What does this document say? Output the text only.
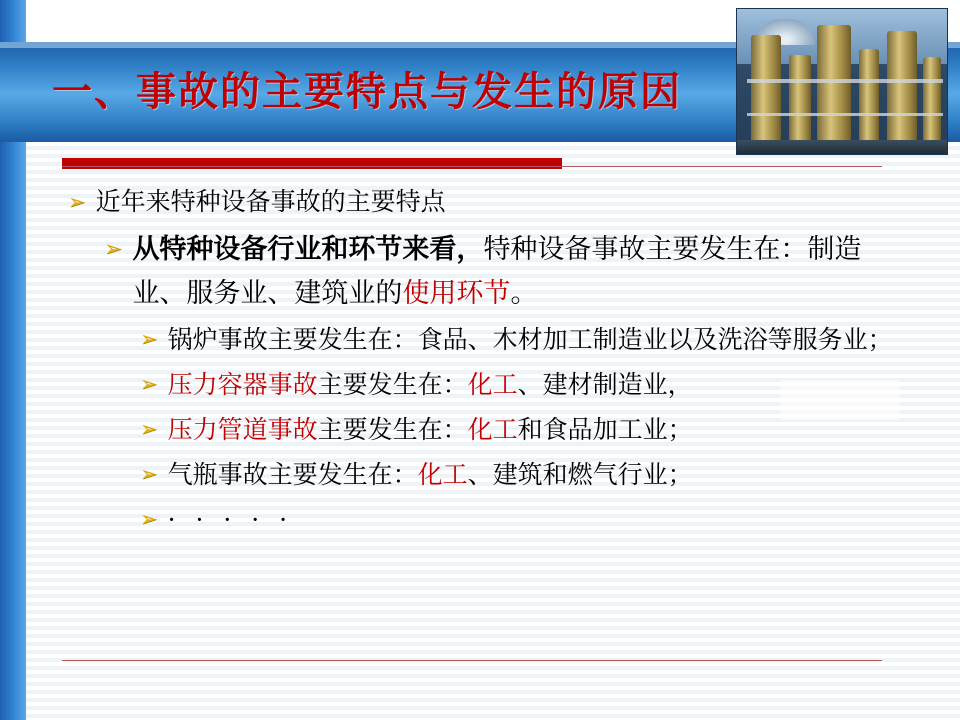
一、事故的主要特点与发生的原因
➢ 近年来特种设备事故的主要特点
➢ 从特种设备行业和环节来看，特种设备事故主要发生在：制造业、服务业、建筑业的使用环节。
➢ 锅炉事故主要发生在：食品、木材加工制造业以及洗浴等服务业；
➢ 压力容器事故主要发生在：化工、建材制造业，
➢ 压力管道事故主要发生在：化工和食品加工业；
➢ 气瓶事故主要发生在：化工、建筑和燃气行业；
➢ · · · · ·
